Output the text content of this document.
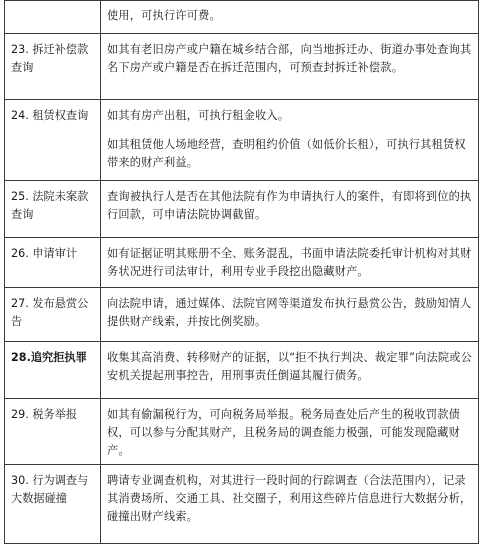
	使用，可执行许可费。

23. 拆迁补偿款查询	如其有老旧房产或户籍在城乡结合部，向当地拆迁办、街道办事处查询其名下房产或户籍是否在拆迁范围内，可预查封拆迁补偿款。

24. 租赁权查询	如其有房产出租，可执行租金收入。

如其租赁他人场地经营，查明租约价值（如低价长租），可执行其租赁权带来的财产利益。

25. 法院未案款查询	查询被执行人是否在其他法院有作为申请执行人的案件，有即将到位的执行回款，可申请法院协调截留。

26. 申请审计	如有证据证明其账册不全、账务混乱，书面申请法院委托审计机构对其财务状况进行司法审计，利用专业手段挖出隐藏财产。

27. 发布悬赏公告	向法院申请，通过媒体、法院官网等渠道发布执行悬赏公告，鼓励知情人提供财产线索，并按比例奖励。

28.追究拒执罪	收集其高消费、转移财产的证据，以“拒不执行判决、裁定罪”向法院或公安机关提起刑事控告，用刑事责任倒逼其履行债务。

29. 税务举报	如其有偷漏税行为，可向税务局举报。税务局查处后产生的税收罚款债权，可以参与分配其财产，且税务局的调查能力极强，可能发现隐藏财产。

30. 行为调查与大数据碰撞	聘请专业调查机构，对其进行一段时间的行踪调查（合法范围内），记录其消费场所、交通工具、社交圈子，利用这些碎片信息进行大数据分析，碰撞出财产线索。
